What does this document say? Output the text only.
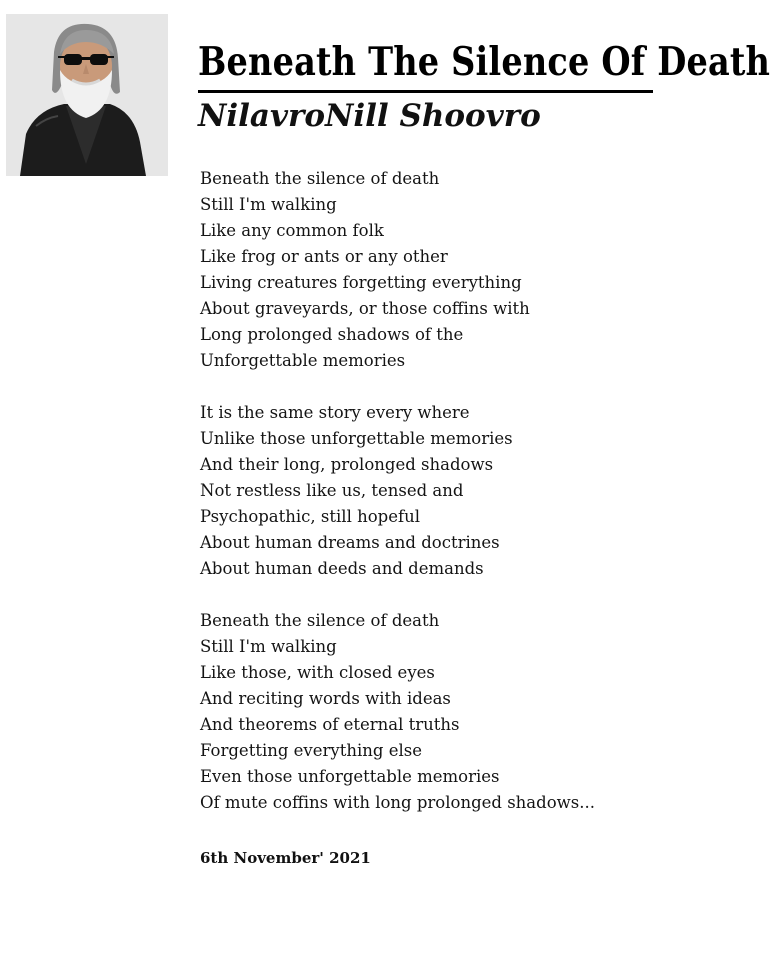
Beneath The Silence Of Death
NilavroNill Shoovro
Beneath the silence of death
Still I'm walking
Like any common folk
Like frog or ants or any other
Living creatures forgetting everything
About graveyards, or those coffins with
Long prolonged shadows of the
Unforgettable memories
It is the same story every where
Unlike those unforgettable memories
And their long, prolonged shadows
Not restless like us, tensed and
Psychopathic, still hopeful
About human dreams and doctrines
About human deeds and demands
Beneath the silence of death
Still I'm walking
Like those, with closed eyes
And reciting words with ideas
And theorems of eternal truths
Forgetting everything else
Even those unforgettable memories
Of mute coffins with long prolonged shadows...
6th November' 2021
